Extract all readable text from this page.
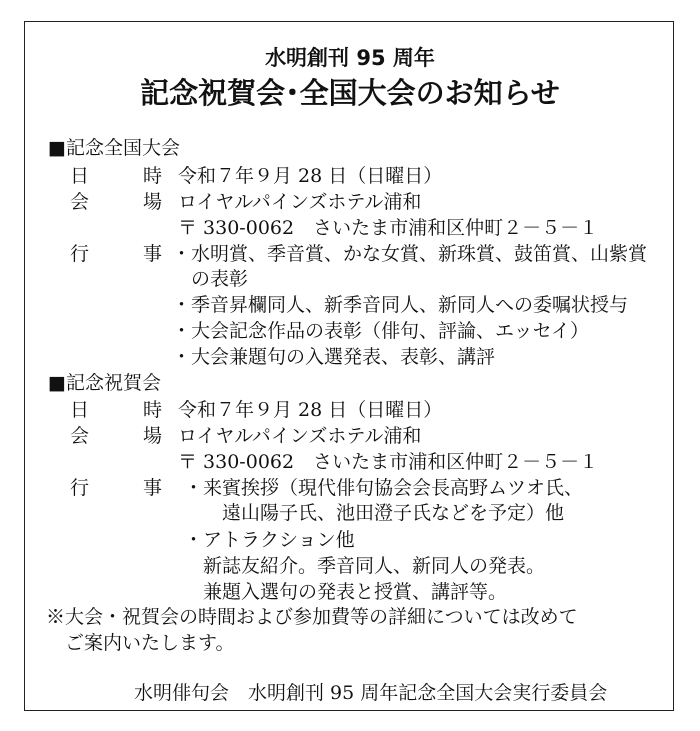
水明創刊 95 周年
記念祝賀会･全国大会のお知らせ
■記念全国大会
日	時 令和７年９月 28 日（日曜日）
会	場 ロイヤルパインズホテル浦和
〒 330-0062　さいたま市浦和区仲町２－５－１
行	事 ・水明賞、季音賞、かな女賞、新珠賞、鼓笛賞、山紫賞
　の表彰
・季音昇欄同人、新季音同人、新同人への委嘱状授与
・大会記念作品の表彰（俳句、評論、エッセイ）
・大会兼題句の入選発表、表彰、講評
■記念祝賀会
日	時 令和７年９月 28 日（日曜日）
会	場 ロイヤルパインズホテル浦和
〒 330-0062　さいたま市浦和区仲町２－５－１
行	事 ・来賓挨拶（現代俳句協会会長高野ムツオ氏、
　　遠山陽子氏、池田澄子氏などを予定）他
・アトラクション他
　新誌友紹介。季音同人、新同人の発表。
　兼題入選句の発表と授賞、講評等。
※大会・祝賀会の時間および参加費等の詳細については改めて
　ご案内いたします。
水明俳句会　水明創刊 95 周年記念全国大会実行委員会
